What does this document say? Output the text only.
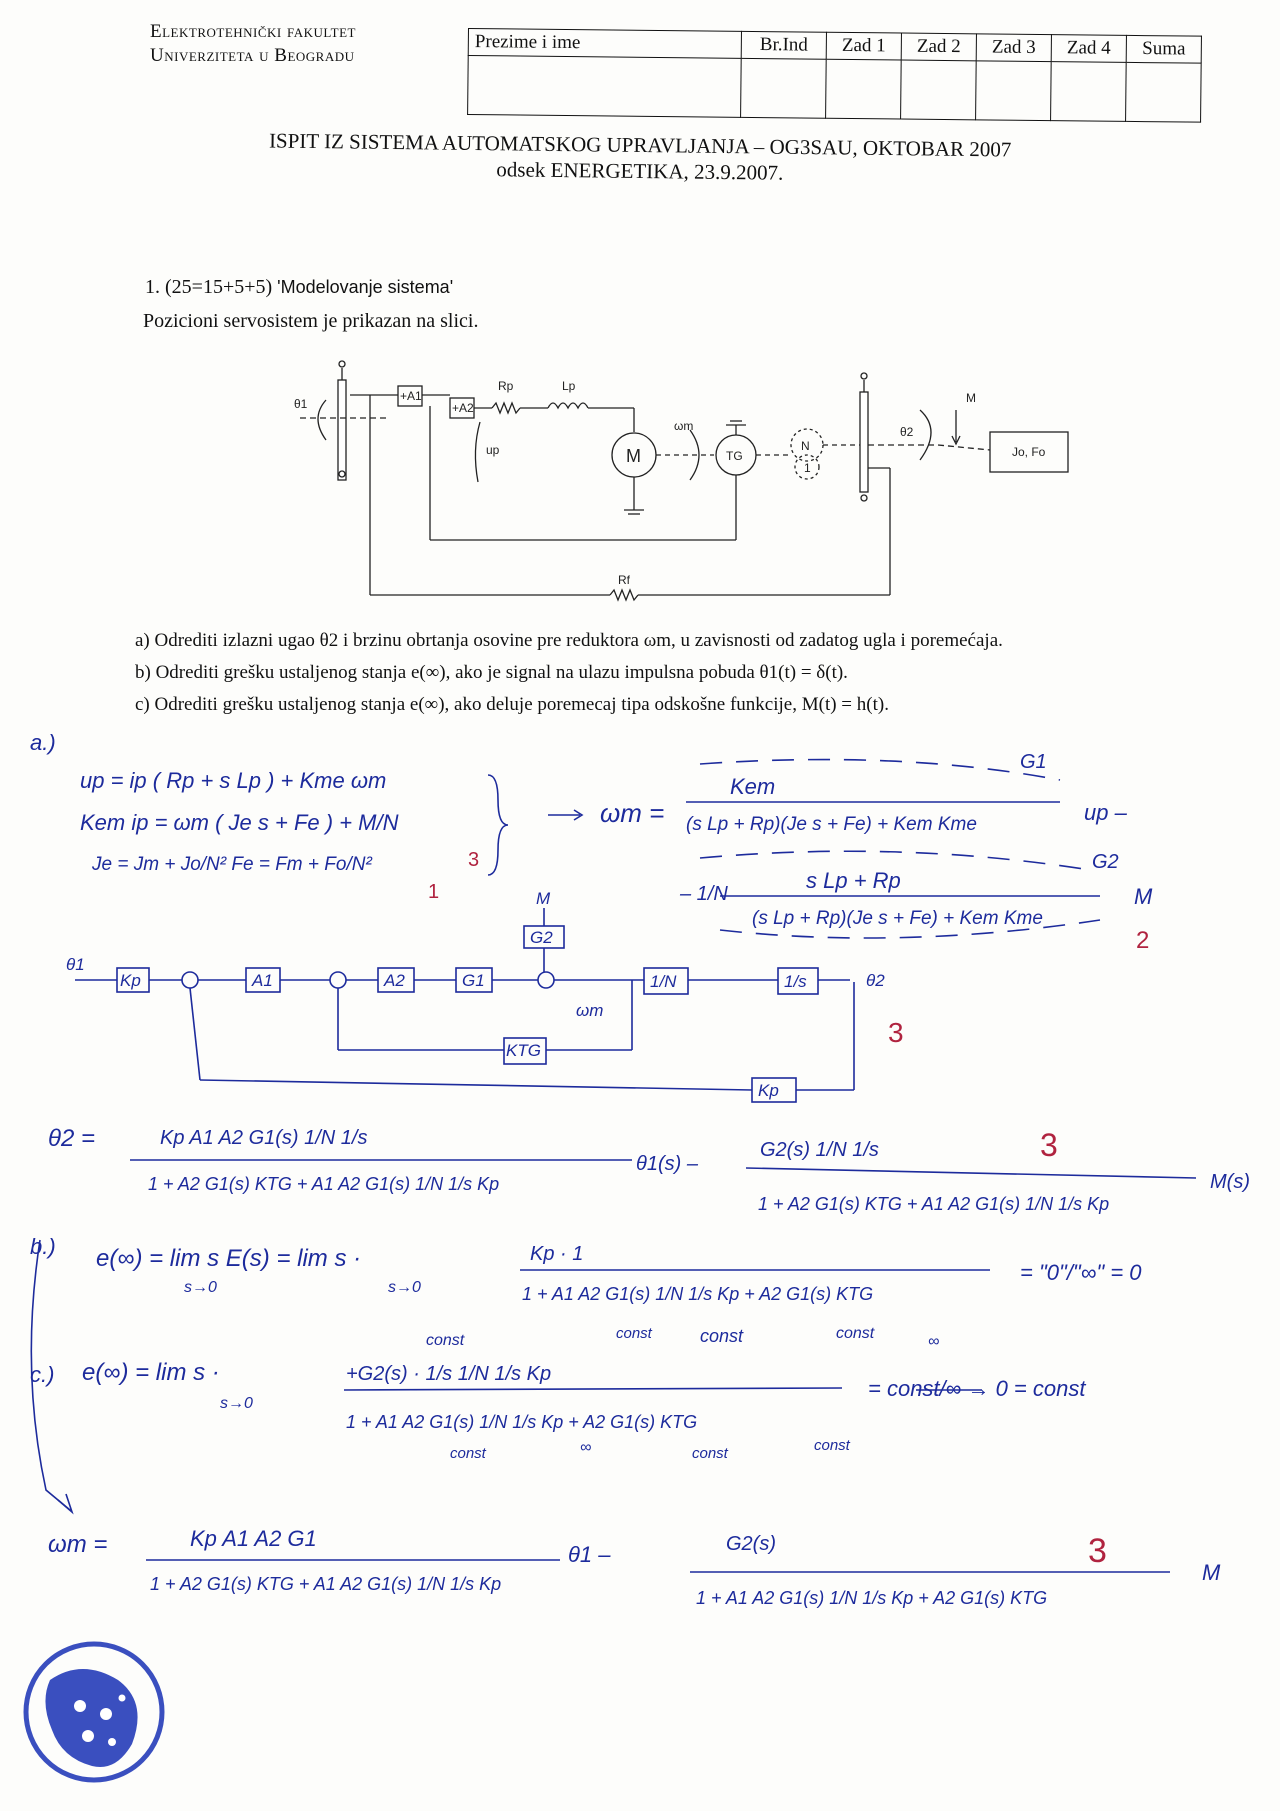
Elektrotehnički fakultet
Univerziteta u Beogradu
Prezime i ime	Br.Ind	Zad 1	Zad 2	Zad 3	Zad 4	Suma

ISPIT IZ SISTEMA AUTOMATSKOG UPRAVLJANJA – OG3SAU, OKTOBAR 2007
odsek ENERGETIKA, 23.9.2007.
1. (25=15+5+5) 'Modelovanje sistema'
Pozicioni servosistem je prikazan na slici.
θ1
+A1
+A2
Rp	Lp
up	M
ωm
TG
N
1
θ2
M
Jo, Fo
Rf
a) Odrediti izlazni ugao θ2 i brzinu obrtanja osovine pre reduktora ωm, u zavisnosti od zadatog ugla i poremećaja.
b) Odrediti grešku ustaljenog stanja e(∞), ako je signal na ulazu impulsna pobuda θ1(t) = δ(t).
c) Odrediti grešku ustaljenog stanja e(∞), ako deluje poremecaj tipa odskošne funkcije, M(t) = h(t).
a.)
up = ip ( Rp + s Lp ) + Kme ωm
Kem ip = ωm ( Je s + Fe ) + M/N
Je = Jm + Jo/N² Fe = Fm + Fo/N²
ωm =
G1
Kem
(s Lp + Rp)(Je s + Fe) + Kem Kme	up –
G2
– 1/N
s Lp + Rp
(s Lp + Rp)(Je s + Fe) + Kem Kme
M
θ1
Kp	A1	A2	G1
G2
M
1/N	1/s	θ2
KTG
ωm
Kp
θ2 =	Kp A1 A2 G1(s) 1/N 1/s
1 + A2 G1(s) KTG + A1 A2 G1(s) 1/N 1/s Kp
θ1(s) –
G2(s) 1/N 1/s
1 + A2 G1(s) KTG + A1 A2 G1(s) 1/N 1/s Kp
M(s)
b.) e(∞) = lim s E(s) = lim s ·
s→0	s→0
Kp · 1
1 + A1 A2 G1(s) 1/N 1/s Kp + A2 G1(s) KTG
const	const	const	∞
= "0"/"∞" = 0
c.) e(∞) = lim s ·
s→0
const
+G2(s) · 1/s 1/N 1/s Kp
1 + A1 A2 G1(s) 1/N 1/s Kp + A2 G1(s) KTG
const	∞	const	const
= const/∞ → 0 = const
ωm =	Kp A1 A2 G1
1 + A2 G1(s) KTG + A1 A2 G1(s) 1/N 1/s Kp
θ1 –	G2(s)
1 + A1 A2 G1(s) 1/N 1/s Kp + A2 G1(s) KTG
M
3
1
2
3
3
3
